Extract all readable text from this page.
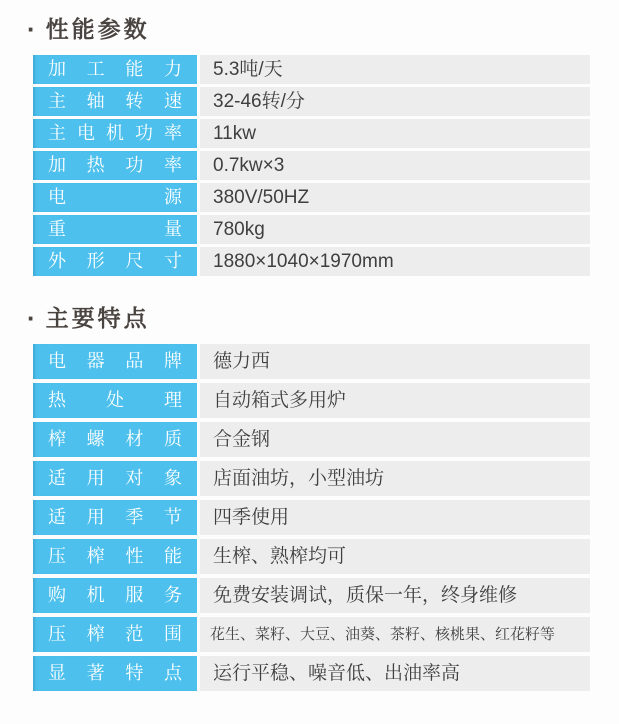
· 性能参数
加工能力	5.3吨/天
主轴转速	32-46转/分
主电机功率	11kw
加热功率	0.7kw×3
电源	380V/50HZ
重量	780kg
外形尺寸	1880×1040×1970mm
· 主要特点
电器品牌	德力西
热处理	自动箱式多用炉
榨螺材质	合金钢
适用对象	店面油坊，小型油坊
适用季节	四季使用
压榨性能	生榨、熟榨均可
购机服务	免费安装调试，质保一年，终身维修
压榨范围	花生、菜籽、大豆、油葵、茶籽、核桃果、红花籽等
显著特点	运行平稳、噪音低、出油率高
